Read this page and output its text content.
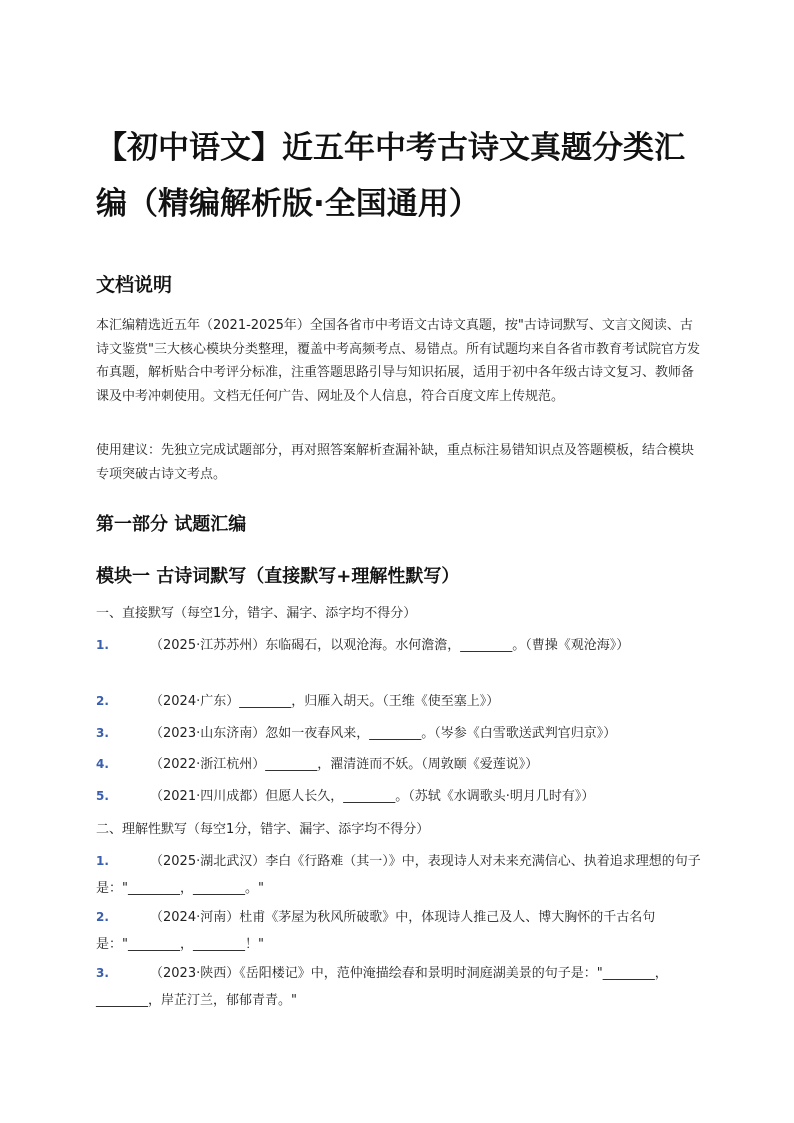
【初中语文】近五年中考古诗文真题分类汇编（精编解析版·全国通用）
文档说明

本汇编精选近五年（2021-2025年）全国各省市中考语文古诗文真题，按"古诗词默写、文言文阅读、古诗文鉴赏"三大核心模块分类整理，覆盖中考高频考点、易错点。所有试题均来自各省市教育考试院官方发布真题，解析贴合中考评分标准，注重答题思路引导与知识拓展，适用于初中各年级古诗文复习、教师备课及中考冲刺使用。文档无任何广告、网址及个人信息，符合百度文库上传规范。

使用建议：先独立完成试题部分，再对照答案解析查漏补缺，重点标注易错知识点及答题模板，结合模块专项突破古诗文考点。

第一部分 试题汇编
模块一 古诗词默写（直接默写+理解性默写）

一、直接默写（每空1分，错字、漏字、添字均不得分）

1.	（2025·江苏苏州）东临碣石，以观沧海。水何澹澹，________。（曹操《观沧海》）
2.	（2024·广东）________，归雁入胡天。（王维《使至塞上》）
3.	（2023·山东济南）忽如一夜春风来，________。（岑参《白雪歌送武判官归京》）
4.	（2022·浙江杭州）________，濯清涟而不妖。（周敦颐《爱莲说》）
5.	（2021·四川成都）但愿人长久，________。（苏轼《水调歌头·明月几时有》）

二、理解性默写（每空1分，错字、漏字、添字均不得分）

1.	（2025·湖北武汉）李白《行路难（其一）》中，表现诗人对未来充满信心、执着追求理想的句子是："________，________。"
2.	（2024·河南）杜甫《茅屋为秋风所破歌》中，体现诗人推己及人、博大胸怀的千古名句是："________，________！"
3.	（2023·陕西）《岳阳楼记》中，范仲淹描绘春和景明时洞庭湖美景的句子是："________，________，岸芷汀兰，郁郁青青。"
